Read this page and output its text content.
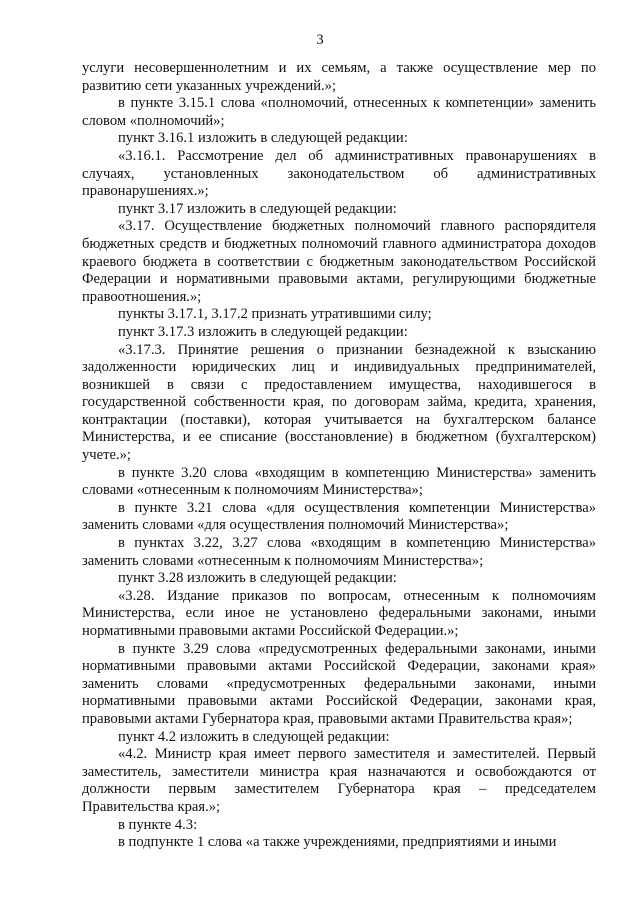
3

услуги несовершеннолетним и их семьям, а также осуществление мер по развитию сети указанных учреждений.»;

в пункте 3.15.1 слова «полномочий, отнесенных к компетенции» заменить словом «полномочий»;

пункт 3.16.1 изложить в следующей редакции:

«3.16.1. Рассмотрение дел об административных правонарушениях в случаях, установленных законодательством об административных правонарушениях.»;

пункт 3.17 изложить в следующей редакции:

«3.17. Осуществление бюджетных полномочий главного распорядителя бюджетных средств и бюджетных полномочий главного администратора доходов краевого бюджета в соответствии с бюджетным законодательством Российской Федерации и нормативными правовыми актами, регулирующими бюджетные правоотношения.»;

пункты 3.17.1, 3.17.2 признать утратившими силу;

пункт 3.17.3 изложить в следующей редакции:

«3.17.3. Принятие решения о признании безнадежной к взысканию задолженности юридических лиц и индивидуальных предпринимателей, возникшей в связи с предоставлением имущества, находившегося в государственной собственности края, по договорам займа, кредита, хранения, контрактации (поставки), которая учитывается на бухгалтерском балансе Министерства, и ее списание (восстановление) в бюджетном (бухгалтерском) учете.»;

в пункте 3.20 слова «входящим в компетенцию Министерства» заменить словами «отнесенным к полномочиям Министерства»;

в пункте 3.21 слова «для осуществления компетенции Министерства» заменить словами «для осуществления полномочий Министерства»;

в пунктах 3.22, 3.27 слова «входящим в компетенцию Министерства» заменить словами «отнесенным к полномочиям Министерства»;

пункт 3.28 изложить в следующей редакции:

«3.28. Издание приказов по вопросам, отнесенным к полномочиям Министерства, если иное не установлено федеральными законами, иными нормативными правовыми актами Российской Федерации.»;

в пункте 3.29 слова «предусмотренных федеральными законами, иными нормативными правовыми актами Российской Федерации, законами края» заменить словами «предусмотренных федеральными законами, иными нормативными правовыми актами Российской Федерации, законами края, правовыми актами Губернатора края, правовыми актами Правительства края»;

пункт 4.2 изложить в следующей редакции:

«4.2. Министр края имеет первого заместителя и заместителей. Первый заместитель, заместители министра края назначаются и освобождаются от должности первым заместителем Губернатора края – председателем Правительства края.»;

в пункте 4.3:

в подпункте 1 слова «а также учреждениями, предприятиями и иными
